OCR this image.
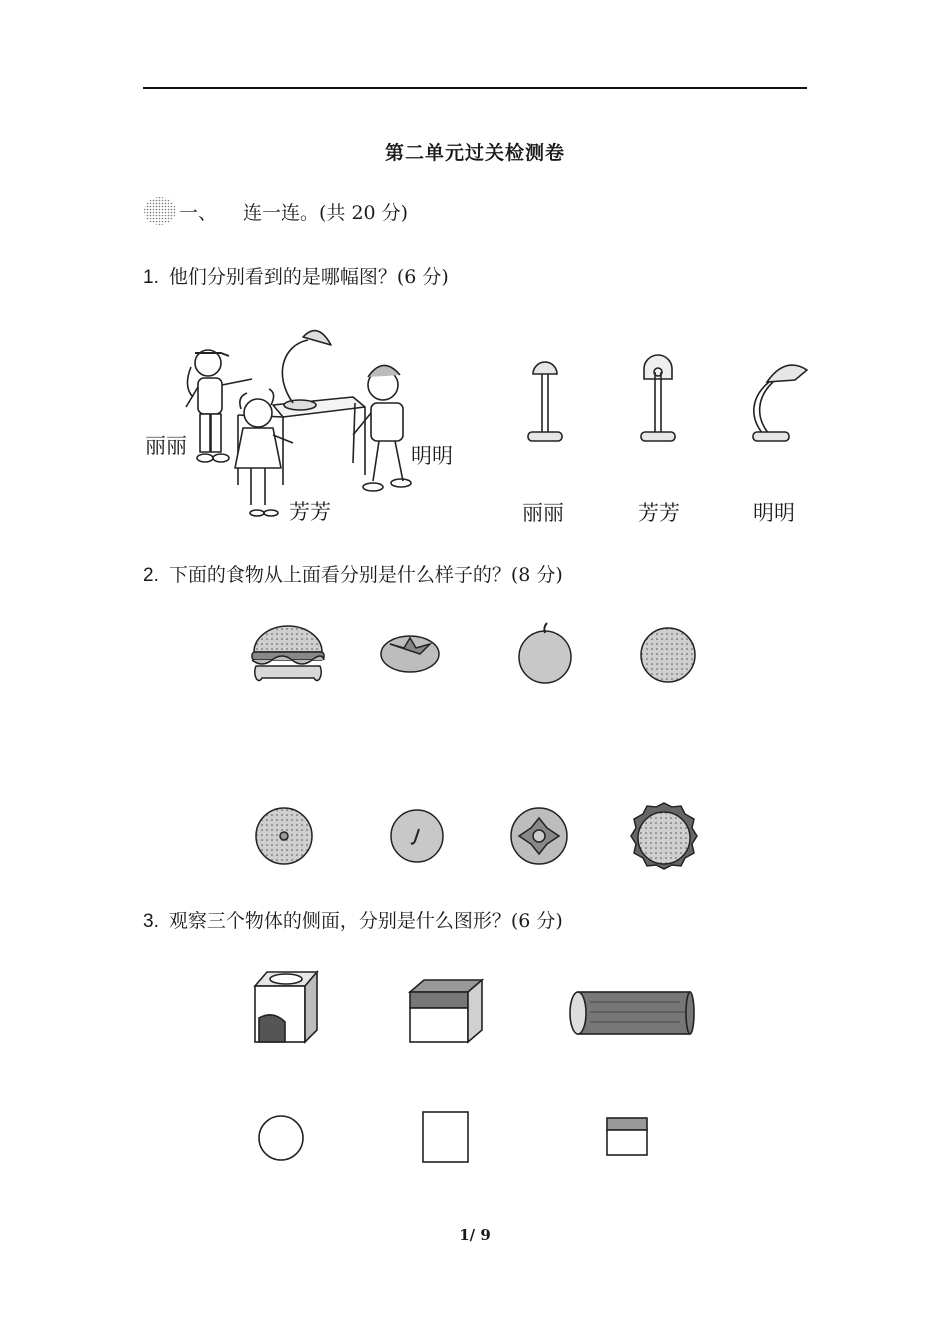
第二单元过关检测卷
一、 连一连。(共 20 分)
1. 他们分别看到的是哪幅图？(6 分)
丽丽
芳芳
明明
丽丽	芳芳	明明
2. 下面的食物从上面看分别是什么样子的？(8 分)
3. 观察三个物体的侧面，分别是什么图形？(6 分)
1/ 9
